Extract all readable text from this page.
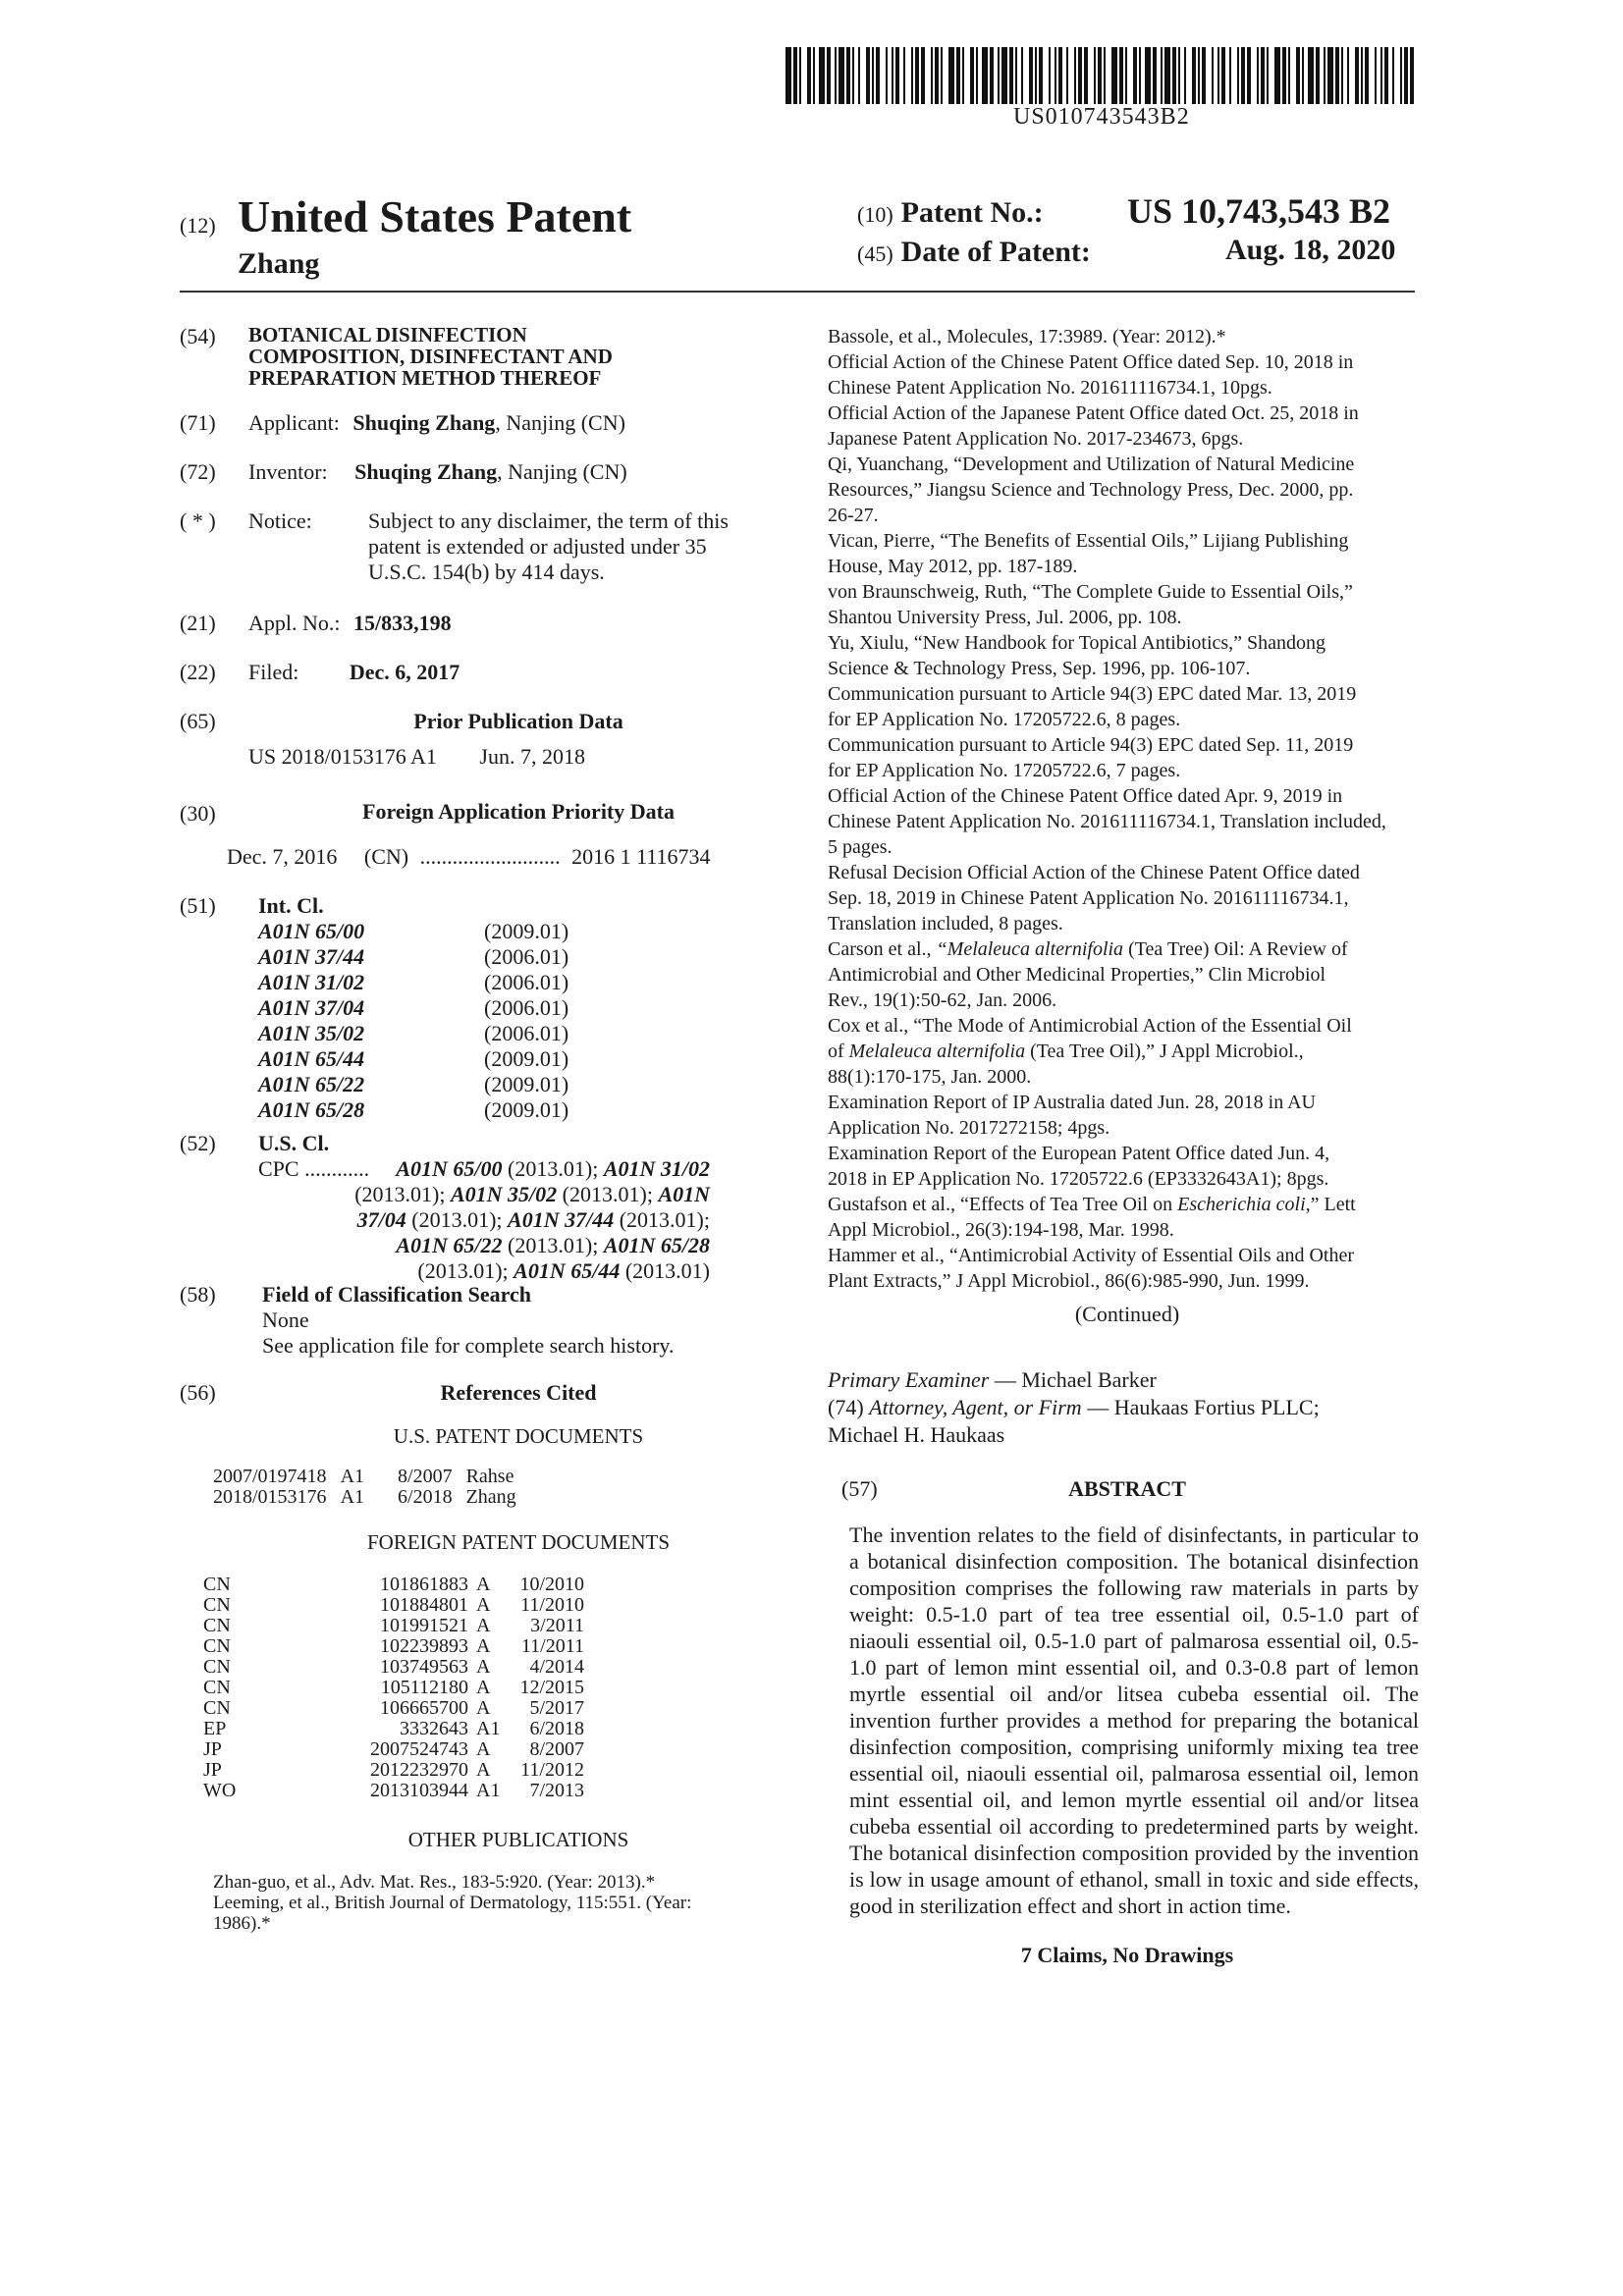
US010743543B2
(12) United States Patent
Zhang
(10) Patent No.: US 10,743,543 B2
(45) Date of Patent:	Aug. 18, 2020
(54) BOTANICAL DISINFECTION
COMPOSITION, DISINFECTANT AND
PREPARATION METHOD THEREOF
(71) Applicant: Shuqing Zhang, Nanjing (CN)
(72) Inventor: Shuqing Zhang, Nanjing (CN)
( * ) Notice:	Subject to any disclaimer, the term of this
patent is extended or adjusted under 35
U.S.C. 154(b) by 414 days.
(21) Appl. No.: 15/833,198
(22) Filed: Dec. 6, 2017
(65)	Prior Publication Data
US 2018/0153176 A1 Jun. 7, 2018
(30)	Foreign Application Priority Data
Dec. 7, 2016 (CN) .......................... 2016 1 1116734
(51) Int. Cl.
A01N 65/00	(2009.01)
A01N 37/44	(2006.01)
A01N 31/02	(2006.01)
A01N 37/04	(2006.01)
A01N 35/02	(2006.01)
A01N 65/44	(2009.01)
A01N 65/22	(2009.01)
A01N 65/28	(2009.01)
(52) U.S. Cl.
CPC ............ A01N 65/00 (2013.01); A01N 31/02
(2013.01); A01N 35/02 (2013.01); A01N
37/04 (2013.01); A01N 37/44 (2013.01);
A01N 65/22 (2013.01); A01N 65/28
(2013.01); A01N 65/44 (2013.01)
(58) Field of Classification Search
None
See application file for complete search history.
(56)	References Cited
U.S. PATENT DOCUMENTS
2007/0197418	A1	8/2007	Rahse
2018/0153176	A1	6/2018	Zhang
FOREIGN PATENT DOCUMENTS
CN	101861883	A	10/2010
CN	101884801	A	11/2010
CN	101991521	A	3/2011
CN	102239893	A	11/2011
CN	103749563	A	4/2014
CN	105112180	A	12/2015
CN	106665700	A	5/2017
EP	3332643	A1	6/2018
JP	2007524743	A	8/2007
JP	2012232970	A	11/2012
WO	2013103944	A1	7/2013
OTHER PUBLICATIONS

Zhan-guo, et al., Adv. Mat. Res., 183-5:920. (Year: 2013).*

Leeming, et al., British Journal of Dermatology, 115:551. (Year:

1986).*

Bassole, et al., Molecules, 17:3989. (Year: 2012).*

Official Action of the Chinese Patent Office dated Sep. 10, 2018 in

Chinese Patent Application No. 201611116734.1, 10pgs.

Official Action of the Japanese Patent Office dated Oct. 25, 2018 in

Japanese Patent Application No. 2017-234673, 6pgs.

Qi, Yuanchang, “Development and Utilization of Natural Medicine

Resources,” Jiangsu Science and Technology Press, Dec. 2000, pp.

26-27.

Vican, Pierre, “The Benefits of Essential Oils,” Lijiang Publishing

House, May 2012, pp. 187-189.

von Braunschweig, Ruth, “The Complete Guide to Essential Oils,”

Shantou University Press, Jul. 2006, pp. 108.

Yu, Xiulu, “New Handbook for Topical Antibiotics,” Shandong

Science & Technology Press, Sep. 1996, pp. 106-107.

Communication pursuant to Article 94(3) EPC dated Mar. 13, 2019

for EP Application No. 17205722.6, 8 pages.

Communication pursuant to Article 94(3) EPC dated Sep. 11, 2019

for EP Application No. 17205722.6, 7 pages.

Official Action of the Chinese Patent Office dated Apr. 9, 2019 in

Chinese Patent Application No. 201611116734.1, Translation included,

5 pages.

Refusal Decision Official Action of the Chinese Patent Office dated

Sep. 18, 2019 in Chinese Patent Application No. 201611116734.1,

Translation included, 8 pages.

Carson et al., “Melaleuca alternifolia (Tea Tree) Oil: A Review of

Antimicrobial and Other Medicinal Properties,” Clin Microbiol

Rev., 19(1):50-62, Jan. 2006.

Cox et al., “The Mode of Antimicrobial Action of the Essential Oil

of Melaleuca alternifolia (Tea Tree Oil),” J Appl Microbiol.,

88(1):170-175, Jan. 2000.

Examination Report of IP Australia dated Jun. 28, 2018 in AU

Application No. 2017272158; 4pgs.

Examination Report of the European Patent Office dated Jun. 4,

2018 in EP Application No. 17205722.6 (EP3332643A1); 8pgs.

Gustafson et al., “Effects of Tea Tree Oil on Escherichia coli,” Lett

Appl Microbiol., 26(3):194-198, Mar. 1998.

Hammer et al., “Antimicrobial Activity of Essential Oils and Other

Plant Extracts,” J Appl Microbiol., 86(6):985-990, Jun. 1999.

(Continued)
Primary Examiner — Michael Barker
(74) Attorney, Agent, or Firm — Haukaas Fortius PLLC;
Michael H. Haukaas
(57)	ABSTRACT
The invention relates to the field of disinfectants, in particular to a botanical disinfection composition. The botanical disinfection composition comprises the following raw materials in parts by weight: 0.5-1.0 part of tea tree essential oil, 0.5-1.0 part of niaouli essential oil, 0.5-1.0 part of palmarosa essential oil, 0.5-1.0 part of lemon mint essential oil, and 0.3-0.8 part of lemon myrtle essential oil and/or litsea cubeba essential oil. The invention further provides a method for preparing the botanical disinfection composition, comprising uniformly mixing tea tree essential oil, niaouli essential oil, palmarosa essential oil, lemon mint essential oil, and lemon myrtle essential oil and/or litsea cubeba essential oil according to predetermined parts by weight. The botanical disinfection composition provided by the invention is low in usage amount of ethanol, small in toxic and side effects, good in sterilization effect and short in action time.
7 Claims, No Drawings
